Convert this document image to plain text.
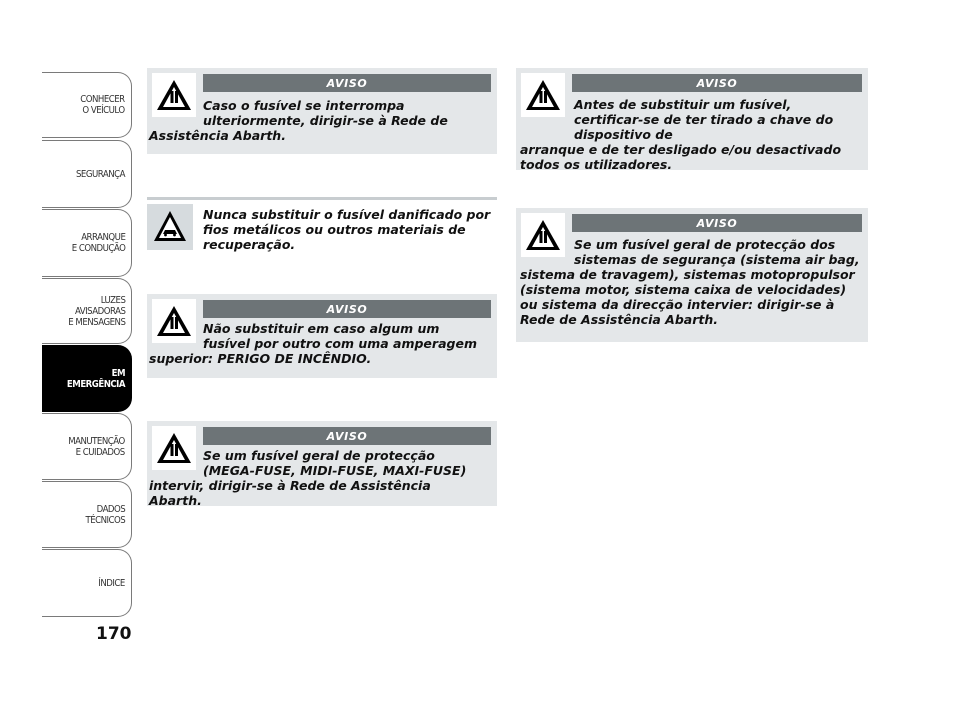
CONHECER
O VEÍCULO
SEGURANÇA
ARRANQUE
E CONDUÇÃO
LUZES
AVISADORAS
E MENSAGENS
EM EMERGÊNCIA
MANUTENÇÃO
E CUIDADOS
DADOS
TÉCNICOS
ÍNDICE
170
AVISO
Caso o fusível se interrompa ulteriormente, dirigir-se à Rede de
Assistência Abarth.
Nunca substituir o fusível danificado por fios metálicos ou outros materiais de recuperação.
AVISO
Não substituir em caso algum um fusível por outro com uma amperagem
superior: PERIGO DE INCÊNDIO.
AVISO
Se um fusível geral de protecção (MEGA-FUSE, MIDI-FUSE, MAXI-FUSE)
intervir, dirigir-se à Rede de Assistência Abarth.
AVISO
Antes de substituir um fusível, certificar-se de ter tirado a chave do dispositivo de
arranque e de ter desligado e/ou desactivado todos os utilizadores.
AVISO
Se um fusível geral de protecção dos sistemas de segurança (sistema air bag,
sistema de travagem), sistemas motopropulsor (sistema motor, sistema caixa de velocidades) ou sistema da direcção intervier: dirigir-se à Rede de Assistência Abarth.
